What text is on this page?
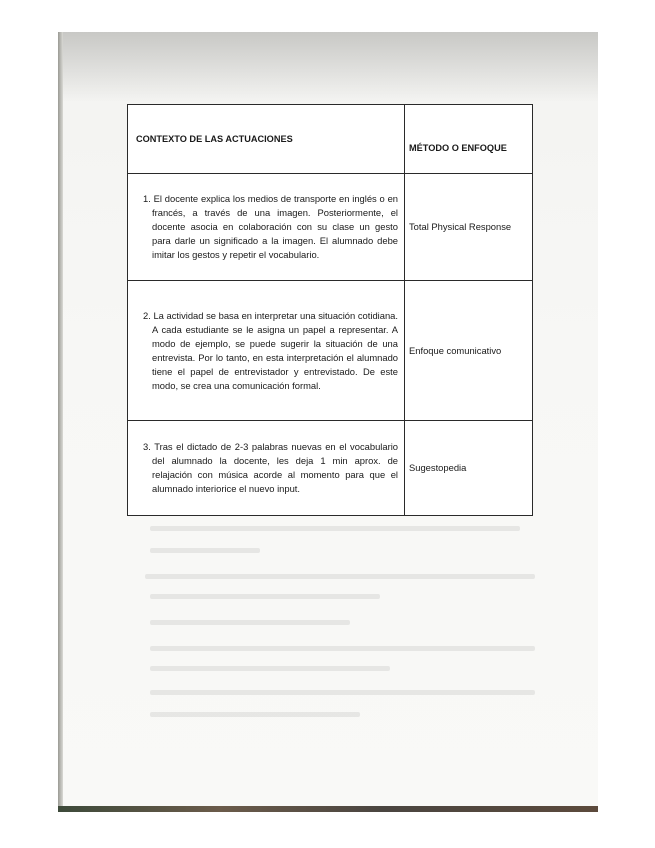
CONTEXTO DE LAS ACTUACIONES	MÉTODO O ENFOQUE

1. El docente explica los medios de transporte en inglés o en francés, a través de una imagen. Posteriormente, el docente asocia en colaboración con su clase un gesto para darle un significado a la imagen. El alumnado debe imitar los gestos y repetir el vocabulario.	Total Physical Response

2. La actividad se basa en interpretar una situación cotidiana. A cada estudiante se le asigna un papel a representar. A modo de ejemplo, se puede sugerir la situación de una entrevista. Por lo tanto, en esta interpretación el alumnado tiene el papel de entrevistador y entrevistado. De este modo, se crea una comunicación formal.	Enfoque comunicativo

3. Tras el dictado de 2-3 palabras nuevas en el vocabulario del alumnado la docente, les deja 1 min aprox. de relajación con música acorde al momento para que el alumnado interiorice el nuevo input.	Sugestopedia
